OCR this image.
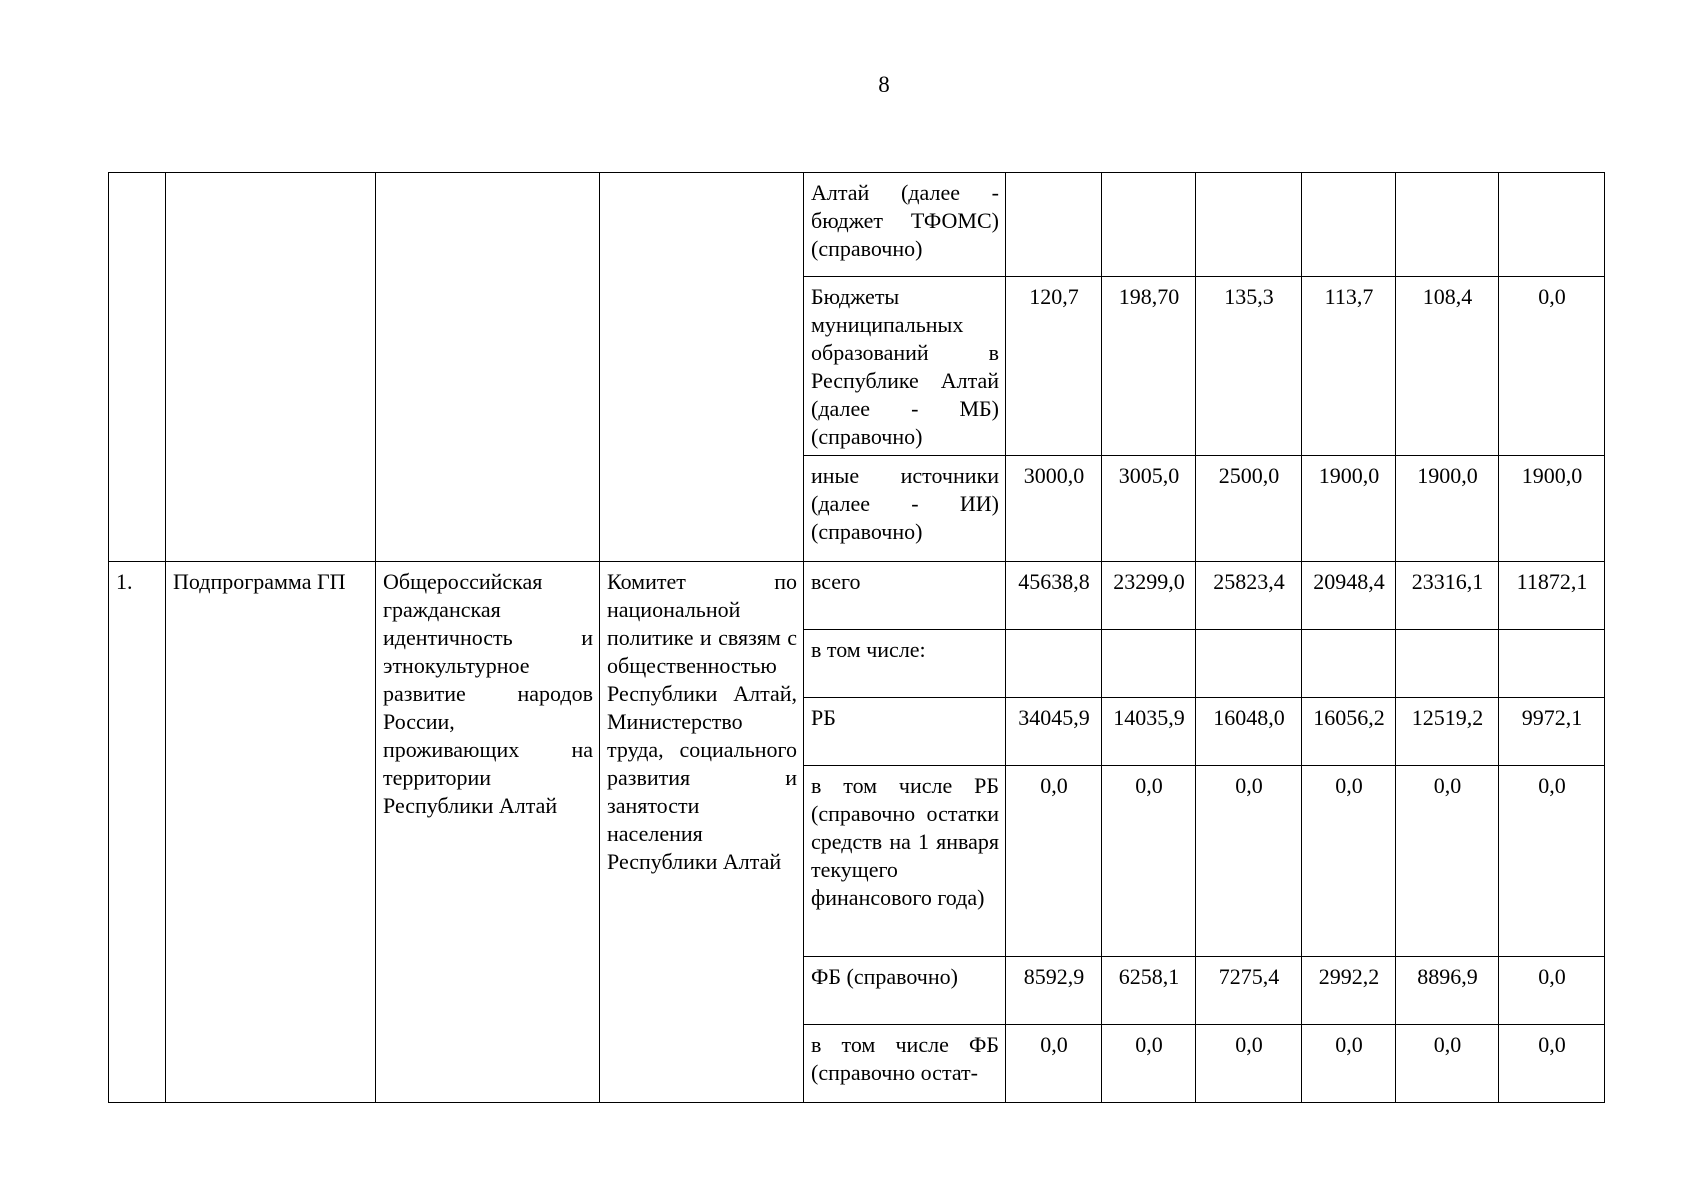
8
				Алтай (далее - бюджет ТФОМС) (справочно)						
				Бюджеты муниципальных образований в Республике Алтай (далее - МБ) (справочно)	120,7	198,70	135,3	113,7	108,4	0,0
				иные источники (далее - ИИ) (справочно)	3000,0	3005,0	2500,0	1900,0	1900,0	1900,0
1.	Подпрограмма ГП	Общероссийская гражданская идентичность и этнокультурное развитие народов России, проживающих на территории Республики Алтай	Комитет по национальной политике и связям с общественностью Республики Алтай, Министерство труда, социального развития и занятости населения Республики Алтай	всего	45638,8	23299,0	25823,4	20948,4	23316,1	11872,1
				в том числе:						
				РБ	34045,9	14035,9	16048,0	16056,2	12519,2	9972,1
				в том числе РБ (справочно остатки средств на 1 января текущего финансового года)	0,0	0,0	0,0	0,0	0,0	0,0
				ФБ (справочно)	8592,9	6258,1	7275,4	2992,2	8896,9	0,0
				в том числе ФБ (справочно остат-	0,0	0,0	0,0	0,0	0,0	0,0
